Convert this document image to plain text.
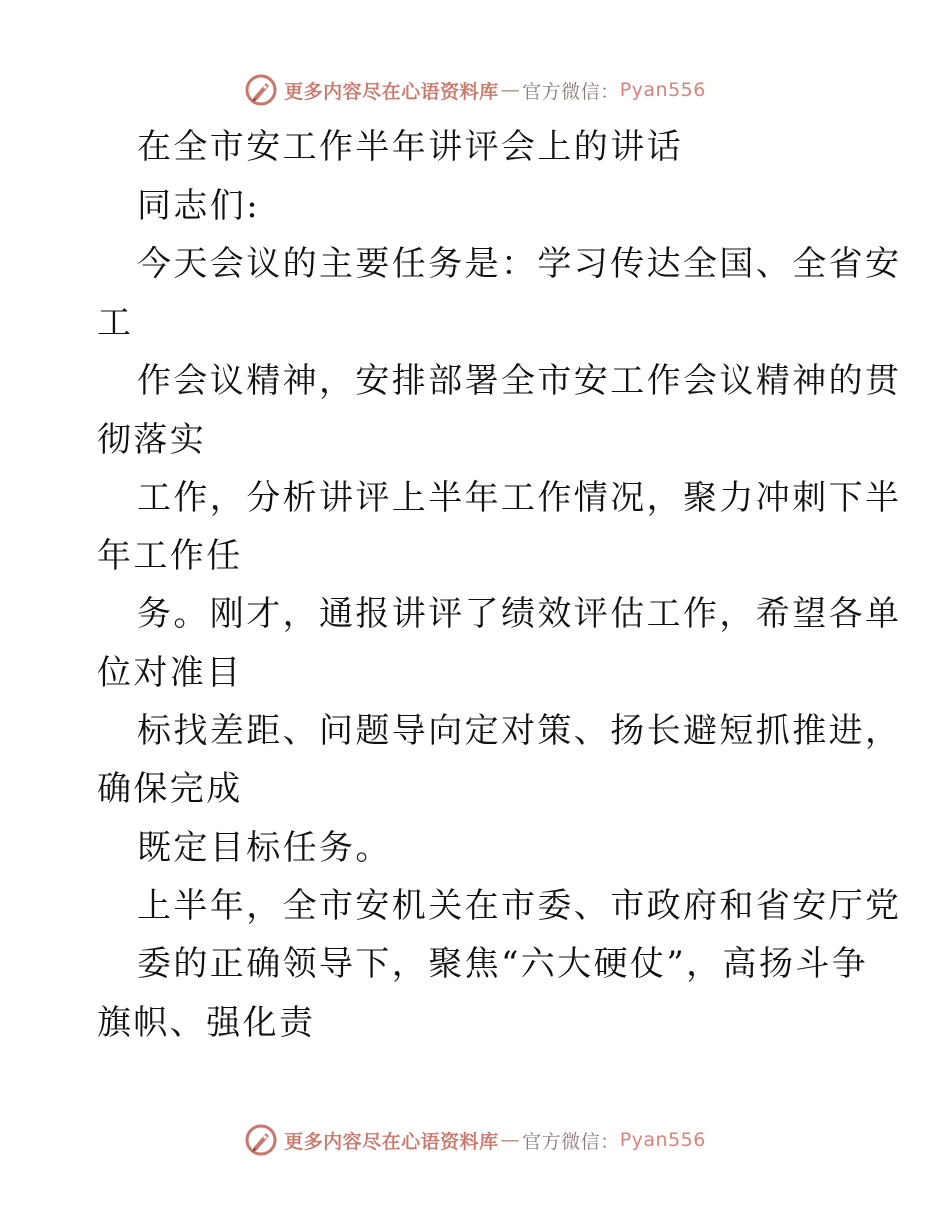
更多内容尽在心语资料库 — 官方微信： Pyan556
在全市安工作半年讲评会上的讲话
同志们:
今天会议的主要任务是：学习传达全国、全省安
工
作会议精神，安排部署全市安工作会议精神的贯
彻落实
工作，分析讲评上半年工作情况，聚力冲刺下半
年工作任
务。刚才，通报讲评了绩效评估工作，希望各单
位对准目
标找差距、问题导向定对策、扬长避短抓推进，
确保完成
既定目标任务。
上半年，全市安机关在市委、市政府和省安厅党
委的正确领导下，聚焦“六大硬仗”，高扬斗争
旗帜、强化责
更多内容尽在心语资料库 — 官方微信： Pyan556
